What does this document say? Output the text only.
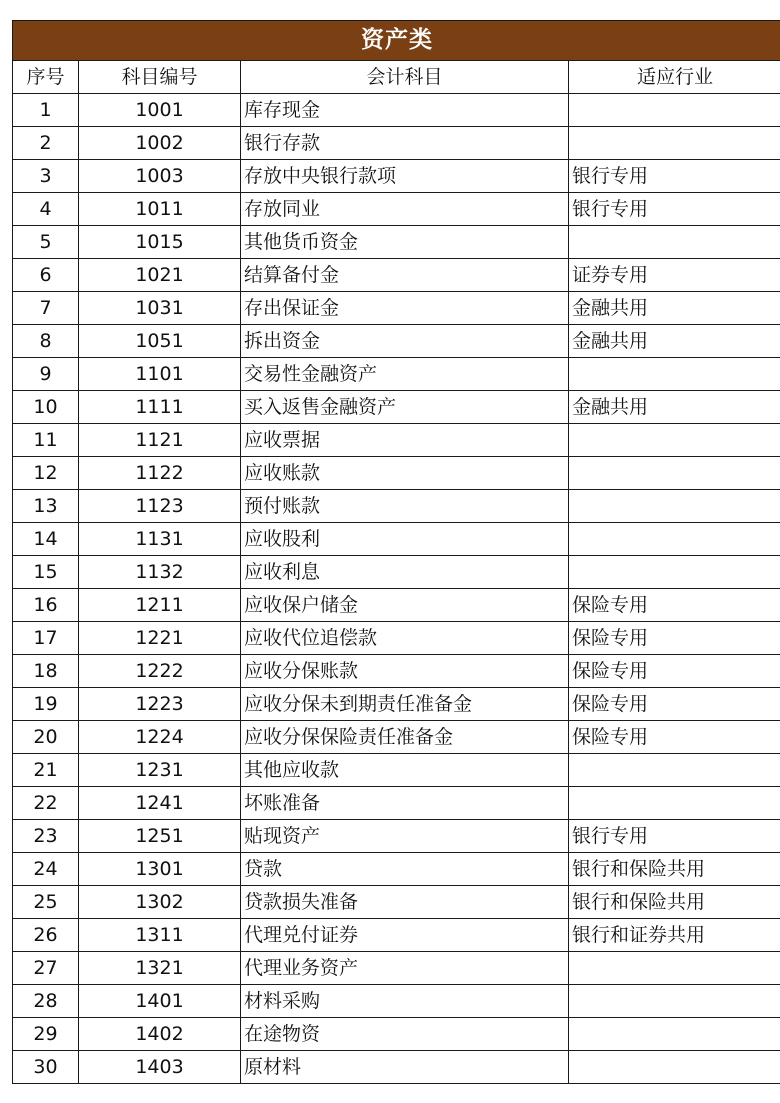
资产类			
序号	科目编号	会计科目	适应行业
1	1001	库存现金	
2	1002	银行存款	
3	1003	存放中央银行款项	银行专用
4	1011	存放同业	银行专用
5	1015	其他货币资金	
6	1021	结算备付金	证券专用
7	1031	存出保证金	金融共用
8	1051	拆出资金	金融共用
9	1101	交易性金融资产	
10	1111	买入返售金融资产	金融共用
11	1121	应收票据	
12	1122	应收账款	
13	1123	预付账款	
14	1131	应收股利	
15	1132	应收利息	
16	1211	应收保户储金	保险专用
17	1221	应收代位追偿款	保险专用
18	1222	应收分保账款	保险专用
19	1223	应收分保未到期责任准备金	保险专用
20	1224	应收分保保险责任准备金	保险专用
21	1231	其他应收款	
22	1241	坏账准备	
23	1251	贴现资产	银行专用
24	1301	贷款	银行和保险共用
25	1302	贷款损失准备	银行和保险共用
26	1311	代理兑付证券	银行和证券共用
27	1321	代理业务资产	
28	1401	材料采购	
29	1402	在途物资	
30	1403	原材料	
